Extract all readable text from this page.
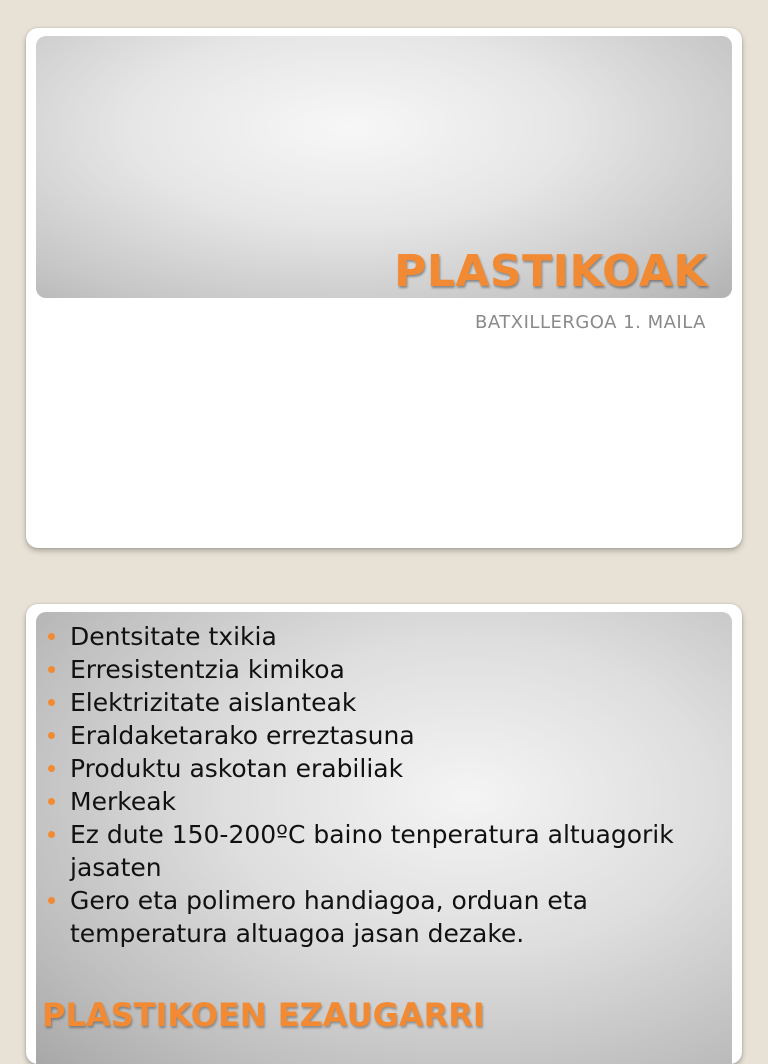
PLASTIKOAK

BATXILLERGOA 1. MAILA

Dentsitate txikia
Erresistentzia kimikoa
Elektrizitate aislanteak
Eraldaketarako erreztasuna
Produktu askotan erabiliak
Merkeak
Ez dute 150-200ºC baino tenperatura altuagorik jasaten
Gero eta polimero handiagoa, orduan eta temperatura altuagoa jasan dezake.
PLASTIKOEN EZAUGARRI
